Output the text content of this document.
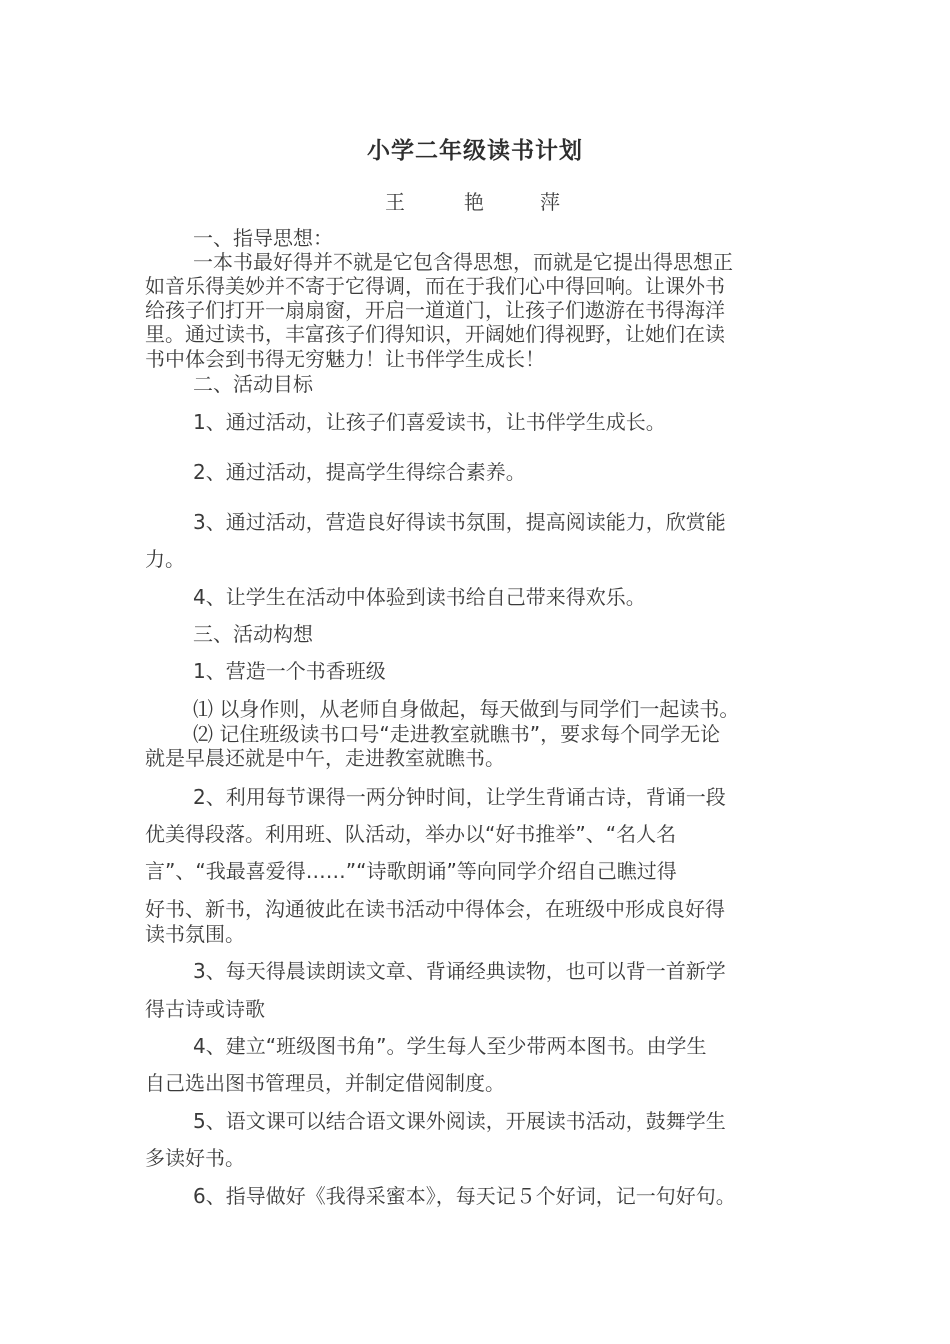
小学二年级读书计划
王	艳	萍
一、指导思想：
一本书最好得并不就是它包含得思想，而就是它提出得思想正
如音乐得美妙并不寄于它得调，而在于我们心中得回响。让课外书
给孩子们打开一扇扇窗，开启一道道门，让孩子们遨游在书得海洋
里。通过读书，丰富孩子们得知识，开阔她们得视野，让她们在读
书中体会到书得无穷魅力！让书伴学生成长！
二、活动目标
1、通过活动，让孩子们喜爱读书，让书伴学生成长。
2、通过活动，提高学生得综合素养。
3、通过活动，营造良好得读书氛围，提高阅读能力，欣赏能
力。
4、让学生在活动中体验到读书给自己带来得欢乐。
三、活动构想
1、营造一个书香班级
⑴ 以身作则，从老师自身做起，每天做到与同学们一起读书。
⑵ 记住班级读书口号“走进教室就瞧书”，要求每个同学无论
就是早晨还就是中午，走进教室就瞧书。
2、利用每节课得一两分钟时间，让学生背诵古诗，背诵一段
优美得段落。利用班、队活动，举办以“好书推举”、“名人名
言”、“我最喜爱得……”“诗歌朗诵”等向同学介绍自己瞧过得
好书、新书，沟通彼此在读书活动中得体会，在班级中形成良好得
读书氛围。
3、每天得晨读朗读文章、背诵经典读物，也可以背一首新学
得古诗或诗歌
4、建立“班级图书角”。学生每人至少带两本图书。由学生
自己选出图书管理员，并制定借阅制度。
5、语文课可以结合语文课外阅读，开展读书活动，鼓舞学生
多读好书。
6、指导做好《我得采蜜本》，每天记５个好词，记一句好句。
